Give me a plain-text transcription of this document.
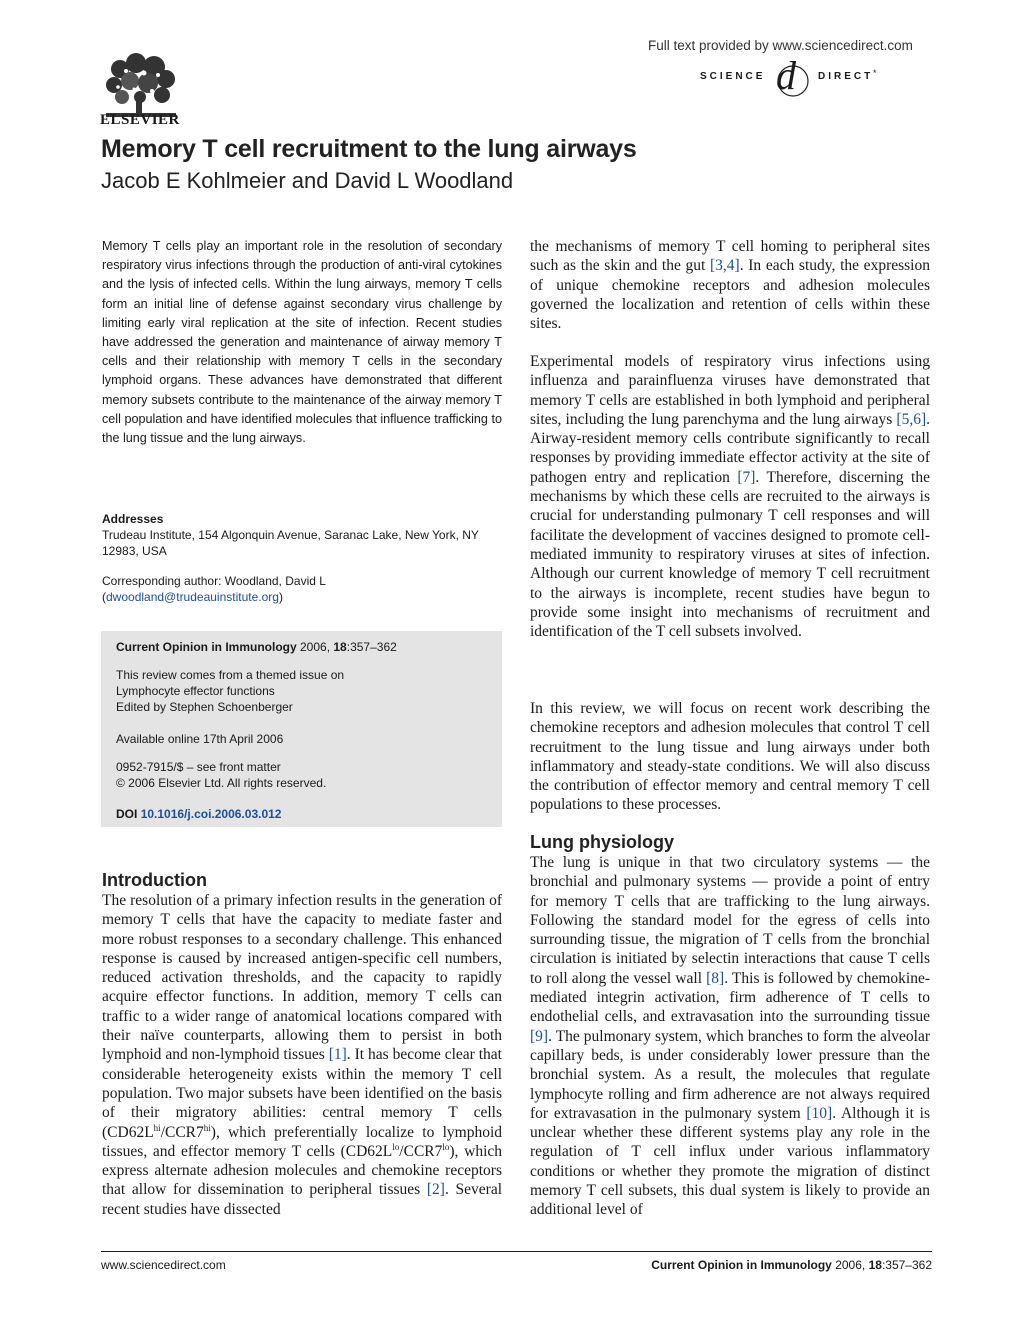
ELSEVIER
Full text provided by www.sciencedirect.com
SCIENCE d DIRECT *
Memory T cell recruitment to the lung airways
Jacob E Kohlmeier and David L Woodland
Memory T cells play an important role in the resolution of secondary respiratory virus infections through the production of anti-viral cytokines and the lysis of infected cells. Within the lung airways, memory T cells form an initial line of defense against secondary virus challenge by limiting early viral replication at the site of infection. Recent studies have addressed the generation and maintenance of airway memory T cells and their relationship with memory T cells in the secondary lymphoid organs. These advances have demonstrated that different memory subsets contribute to the maintenance of the airway memory T cell population and have identified molecules that influence trafficking to the lung tissue and the lung airways.
Addresses
Trudeau Institute, 154 Algonquin Avenue, Saranac Lake, New York, NY 12983, USA
Corresponding author: Woodland, David L
(dwoodland@trudeauinstitute.org)
Current Opinion in Immunology 2006, 18:357–362
This review comes from a themed issue on
Lymphocyte effector functions
Edited by Stephen Schoenberger
Available online 17th April 2006
0952-7915/$ – see front matter
© 2006 Elsevier Ltd. All rights reserved.
DOI 10.1016/j.coi.2006.03.012
Introduction
The resolution of a primary infection results in the generation of memory T cells that have the capacity to mediate faster and more robust responses to a secondary challenge. This enhanced response is caused by increased antigen-specific cell numbers, reduced activation thresholds, and the capacity to rapidly acquire effector functions. In addition, memory T cells can traffic to a wider range of anatomical locations compared with their naïve counterparts, allowing them to persist in both lymphoid and non-lymphoid tissues [1]. It has become clear that considerable heterogeneity exists within the memory T cell population. Two major subsets have been identified on the basis of their migratory abilities: central memory T cells $(CD62L^{hi}/CCR7^{hi})$, which preferentially localize to lymphoid tissues, and effector memory T cells $(CD62L^{lo}/CCR7^{lo})$, which express alternate adhesion molecules and chemokine receptors that allow for dissemination to peripheral tissues [2]. Several recent studies have dissected
the mechanisms of memory T cell homing to peripheral sites such as the skin and the gut [3,4]. In each study, the expression of unique chemokine receptors and adhesion molecules governed the localization and retention of cells within these sites.
Experimental models of respiratory virus infections using influenza and parainfluenza viruses have demonstrated that memory T cells are established in both lymphoid and peripheral sites, including the lung parenchyma and the lung airways [5,6]. Airway-resident memory cells contribute significantly to recall responses by providing immediate effector activity at the site of pathogen entry and replication [7]. Therefore, discerning the mechanisms by which these cells are recruited to the airways is crucial for understanding pulmonary T cell responses and will facilitate the development of vaccines designed to promote cell-mediated immunity to respiratory viruses at sites of infection. Although our current knowledge of memory T cell recruitment to the airways is incomplete, recent studies have begun to provide some insight into mechanisms of recruitment and identification of the T cell subsets involved.
In this review, we will focus on recent work describing the chemokine receptors and adhesion molecules that control T cell recruitment to the lung tissue and lung airways under both inflammatory and steady-state conditions. We will also discuss the contribution of effector memory and central memory T cell populations to these processes.
Lung physiology
The lung is unique in that two circulatory systems — the bronchial and pulmonary systems — provide a point of entry for memory T cells that are trafficking to the lung airways. Following the standard model for the egress of cells into surrounding tissue, the migration of T cells from the bronchial circulation is initiated by selectin interactions that cause T cells to roll along the vessel wall [8]. This is followed by chemokine-mediated integrin activation, firm adherence of T cells to endothelial cells, and extravasation into the surrounding tissue [9]. The pulmonary system, which branches to form the alveolar capillary beds, is under considerably lower pressure than the bronchial system. As a result, the molecules that regulate lymphocyte rolling and firm adherence are not always required for extravasation in the pulmonary system [10]. Although it is unclear whether these different systems play any role in the regulation of T cell influx under various inflammatory conditions or whether they promote the migration of distinct memory T cell subsets, this dual system is likely to provide an additional level of
www.sciencedirect.com	Current Opinion in Immunology 2006, 18:357–362
